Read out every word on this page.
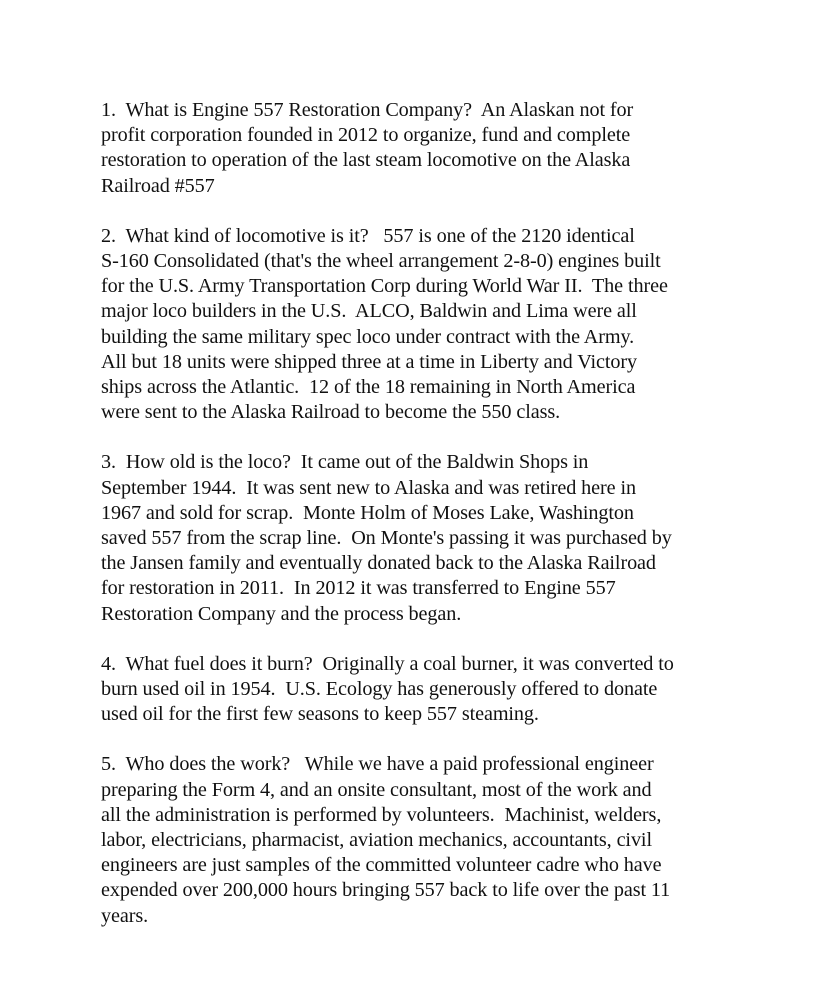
1.  What is Engine 557 Restoration Company?  An Alaskan not for
profit corporation founded in 2012 to organize, fund and complete
restoration to operation of the last steam locomotive on the Alaska
Railroad #557

2.  What kind of locomotive is it?   557 is one of the 2120 identical
S-160 Consolidated (that's the wheel arrangement 2-8-0) engines built
for the U.S. Army Transportation Corp during World War II.  The three
major loco builders in the U.S.  ALCO, Baldwin and Lima were all
building the same military spec loco under contract with the Army.
All but 18 units were shipped three at a time in Liberty and Victory
ships across the Atlantic.  12 of the 18 remaining in North America
were sent to the Alaska Railroad to become the 550 class.

3.  How old is the loco?  It came out of the Baldwin Shops in
September 1944.  It was sent new to Alaska and was retired here in
1967 and sold for scrap.  Monte Holm of Moses Lake, Washington
saved 557 from the scrap line.  On Monte's passing it was purchased by
the Jansen family and eventually donated back to the Alaska Railroad
for restoration in 2011.  In 2012 it was transferred to Engine 557
Restoration Company and the process began.

4.  What fuel does it burn?  Originally a coal burner, it was converted to
burn used oil in 1954.  U.S. Ecology has generously offered to donate
used oil for the first few seasons to keep 557 steaming.

5.  Who does the work?   While we have a paid professional engineer
preparing the Form 4, and an onsite consultant, most of the work and
all the administration is performed by volunteers.  Machinist, welders,
labor, electricians, pharmacist, aviation mechanics, accountants, civil
engineers are just samples of the committed volunteer cadre who have
expended over 200,000 hours bringing 557 back to life over the past 11
years.
